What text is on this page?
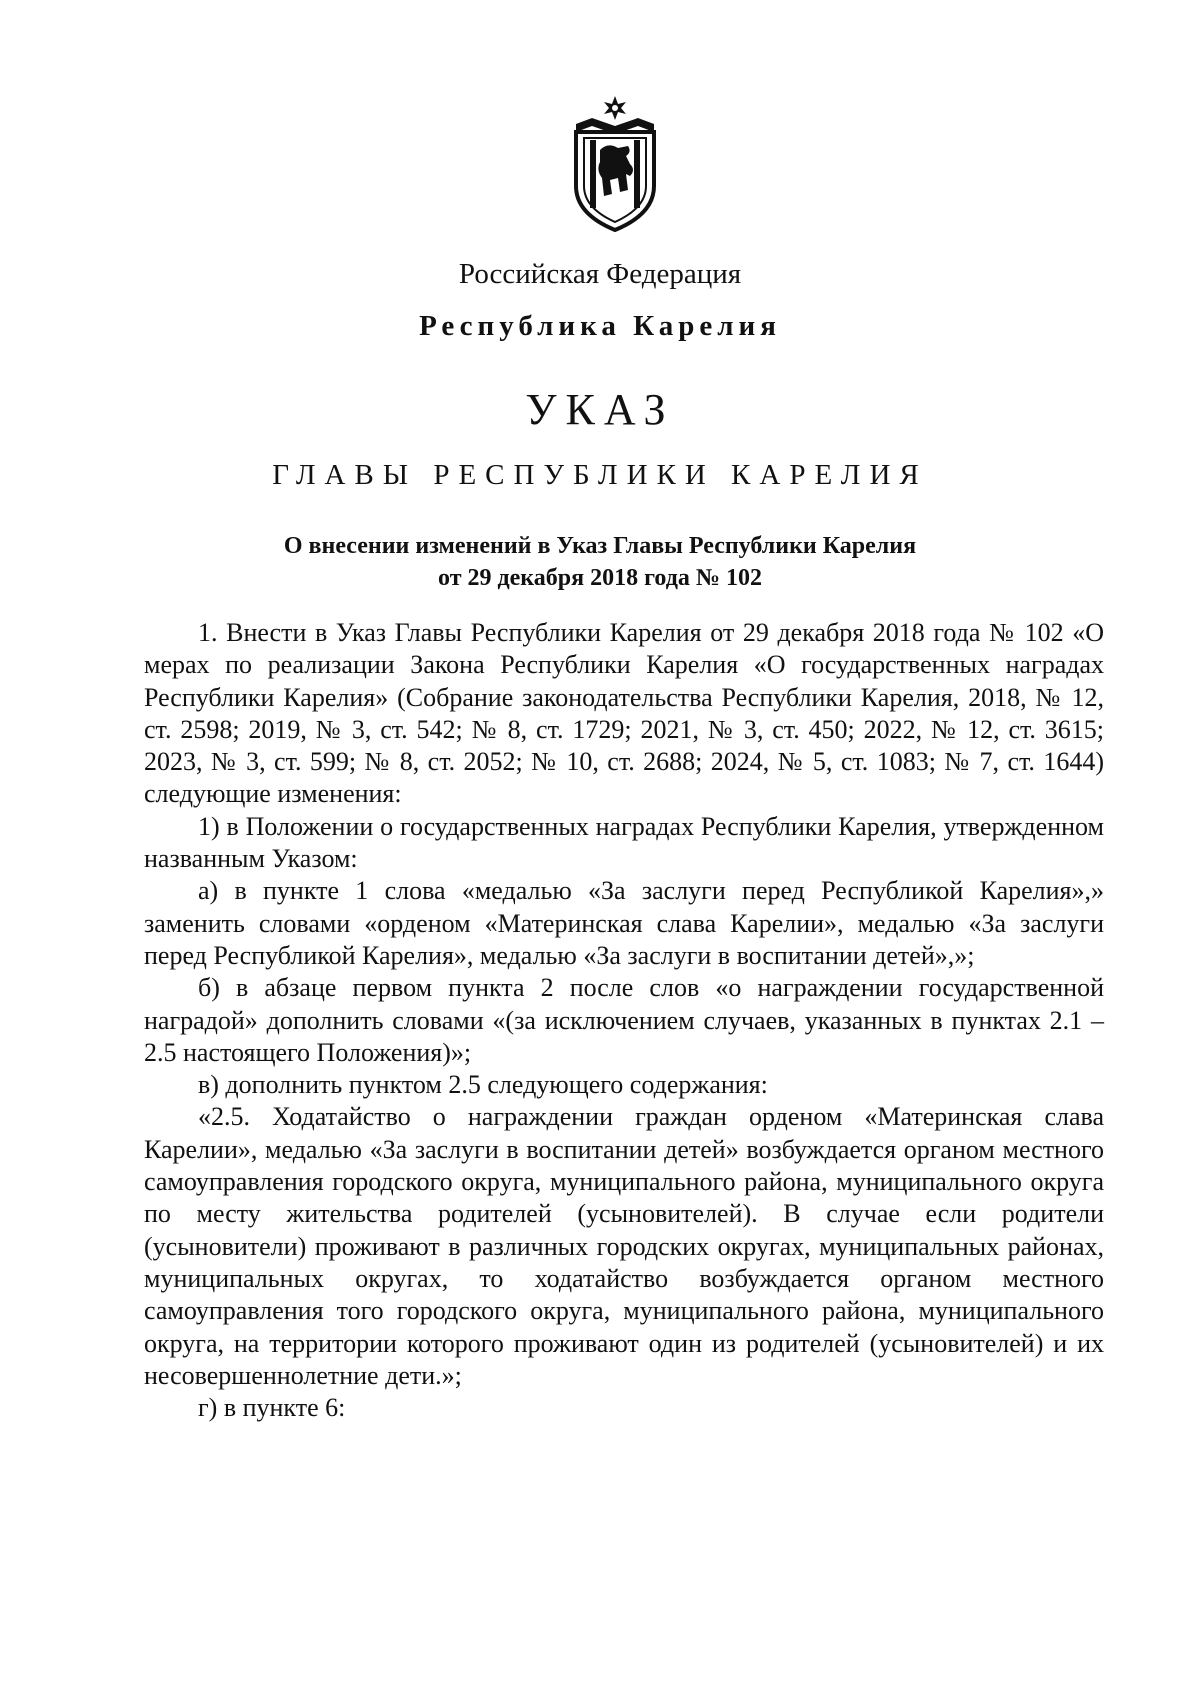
Российская Федерация
Республика Карелия
УКАЗ
ГЛАВЫ РЕСПУБЛИКИ КАРЕЛИЯ
О внесении изменений в Указ Главы Республики Карелия
от 29 декабря 2018 года № 102

1. Внести в Указ Главы Республики Карелия от 29 декабря 2018 года № 102 «О мерах по реализации Закона Республики Карелия «О государственных наградах Республики Карелия» (Собрание законодательства Республики Карелия, 2018, № 12, ст. 2598; 2019, № 3, ст. 542; № 8, ст. 1729; 2021, № 3, ст. 450; 2022, № 12, ст. 3615; 2023, № 3, ст. 599; № 8, ст. 2052; № 10, ст. 2688; 2024, № 5, ст. 1083; № 7, ст. 1644) следующие изменения:

1) в Положении о государственных наградах Республики Карелия, утвержденном названным Указом:

а) в пункте 1 слова «медалью «За заслуги перед Республикой Карелия»,» заменить словами «орденом «Материнская слава Карелии», медалью «За заслуги перед Республикой Карелия», медалью «За заслуги в воспитании детей»,»;

б) в абзаце первом пункта 2 после слов «о награждении государственной наградой» дополнить словами «(за исключением случаев, указанных в пунктах 2.1 – 2.5 настоящего Положения)»;

в) дополнить пунктом 2.5 следующего содержания:

«2.5. Ходатайство о награждении граждан орденом «Материнская слава Карелии», медалью «За заслуги в воспитании детей» возбуждается органом местного самоуправления городского округа, муниципального района, муниципального округа по месту жительства родителей (усыновителей). В случае если родители (усыновители) проживают в различных городских округах, муниципальных районах, муниципальных округах, то ходатайство возбуждается органом местного самоуправления того городского округа, муниципального района, муниципального округа, на территории которого проживают один из родителей (усыновителей) и их несовершеннолетние дети.»;

г) в пункте 6:
